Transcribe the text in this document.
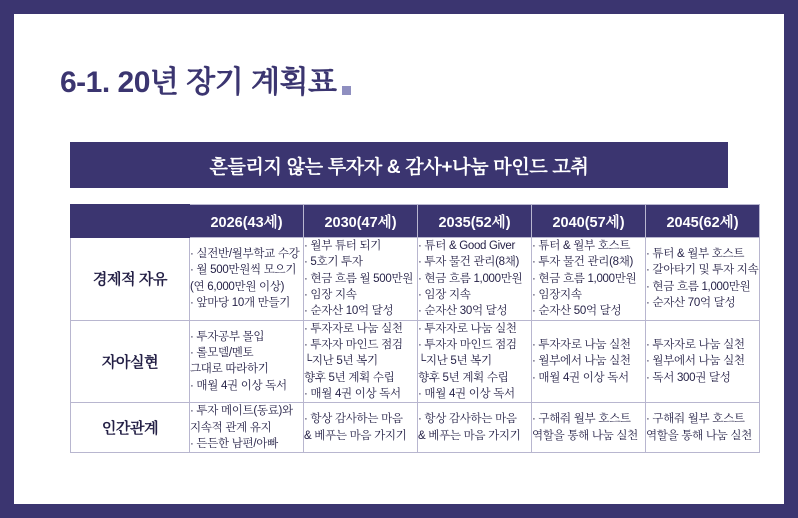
6-1. 20년 장기 계획표
흔들리지 않는 투자자 & 감사+나눔 마인드 고취
	2026(43세)	2030(47세)	2035(52세)	2040(57세)	2045(62세)
경제적 자유	
· 실전반/월부학교 수강
· 월 500만원씩 모으기
(연 6,000만원 이상)
· 앞마당 10개 만들기

· 월부 튜터 되기
· 5호기 투자
· 현금 흐름 월 500만원
· 임장 지속
· 순자산 10억 달성

· 튜터 & Good Giver
· 투자 물건 관리(8채)
· 현금 흐름 1,000만원
· 임장 지속
· 순자산 30억 달성

· 튜터 & 월부 호스트
· 투자 물건 관리(8채)
· 현금 흐름 1,000만원
· 임장지속
· 순자산 50억 달성

· 튜터 & 월부 호스트
· 갈아타기 및 투자 지속
· 현금 흐름 1,000만원
· 순자산 70억 달성

자아실현	
· 투자공부 몰입
· 롤모델/멘토
그대로 따라하기
· 매월 4권 이상 독서

· 투자자로 나눔 실천
· 투자자 마인드 점검
└지난 5년 복기
향후 5년 계획 수립
· 매월 4권 이상 독서

· 투자자로 나눔 실천
· 투자자 마인드 점검
└지난 5년 복기
향후 5년 계획 수립
· 매월 4권 이상 독서

· 투자자로 나눔 실천
· 월부에서 나눔 실천
· 매월 4권 이상 독서

· 투자자로 나눔 실천
· 월부에서 나눔 실천
· 독서 300권 달성

인간관계	
· 투자 메이트(동료)와
지속적 관계 유지
· 든든한 남편/아빠

· 항상 감사하는 마음
& 베푸는 마음 가지기

· 항상 감사하는 마음
& 베푸는 마음 가지기

· 구해줘 월부 호스트
역할을 통해 나눔 실천

· 구해줘 월부 호스트
역할을 통해 나눔 실천
